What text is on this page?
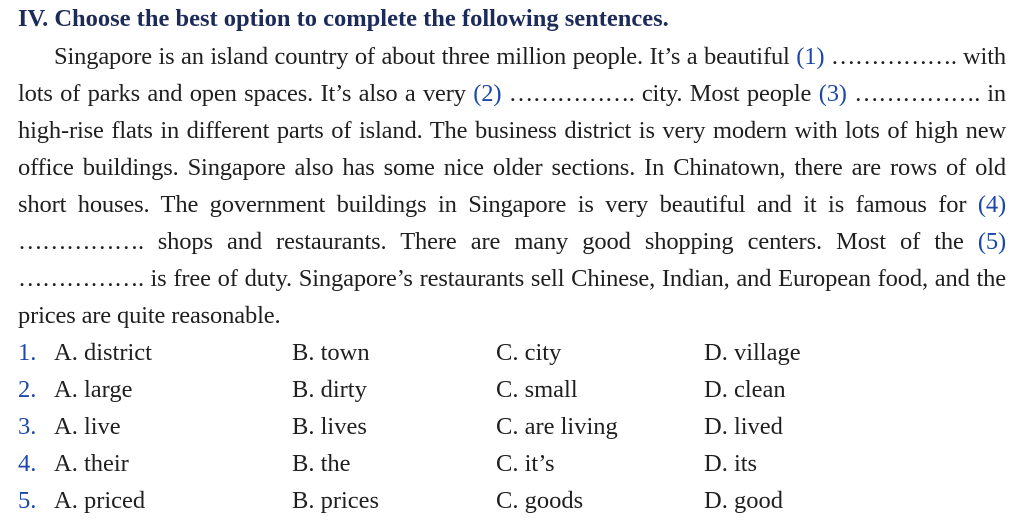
IV. Choose the best option to complete the following sentences.

Singapore is an island country of about three million people. It’s a beautiful (1) ……………. with lots of parks and open spaces. It’s also a very (2) ……………. city. Most people (3) ……………. in high-rise flats in different parts of island. The business district is very modern with lots of high new office buildings. Singapore also has some nice older sections. In Chinatown, there are rows of old short houses. The government buildings in Singapore is very beautiful and it is famous for (4) ……………. shops and restaurants. There are many good shopping centers. Most of the (5) ……………. is free of duty. Singapore’s restaurants sell Chinese, Indian, and European food, and the prices are quite reasonable.

1. A. district	B. town	C. city	D. village
2. A. large	B. dirty	C. small	D. clean
3. A. live	B. lives	C. are living	D. lived
4. A. their	B. the	C. it’s	D. its
5. A. priced	B. prices	C. goods	D. good
